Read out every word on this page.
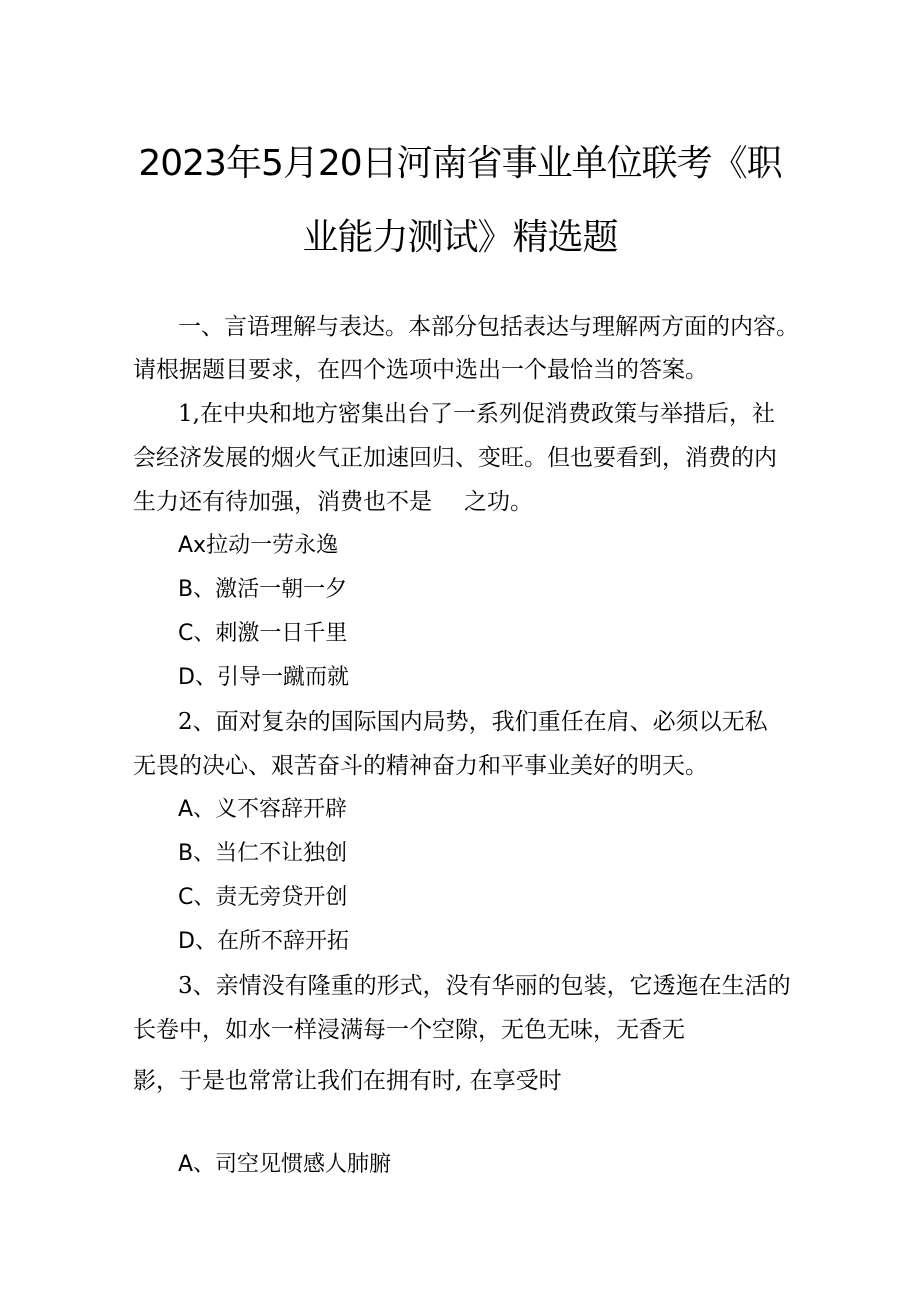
2023年5月20日河南省事业单位联考《职
业能力测试》精选题
一、言语理解与表达。本部分包括表达与理解两方面的内容。
请根据题目要求，在四个选项中选出一个最恰当的答案。
1,在中央和地方密集出台了一系列促消费政策与举措后，社
会经济发展的烟火气正加速回归、变旺。但也要看到，消费的内
生力还有待加强，消费也不是 之功。
Ax拉动一劳永逸
B、激活一朝一夕
C、刺激一日千里
D、引导一蹴而就
2、面对复杂的国际国内局势，我们重任在肩、必须以无私
无畏的决心、艰苦奋斗的精神奋力和平事业美好的明天。
A、义不容辞开辟
B、当仁不让独创
C、责无旁贷开创
D、在所不辞开拓
3、亲情没有隆重的形式，没有华丽的包装，它透迤在生活的
长卷中，如水一样浸满每一个空隙，无色无味，无香无
影，于是也常常让我们在拥有时, 在享受时
A、司空见惯感人肺腑
